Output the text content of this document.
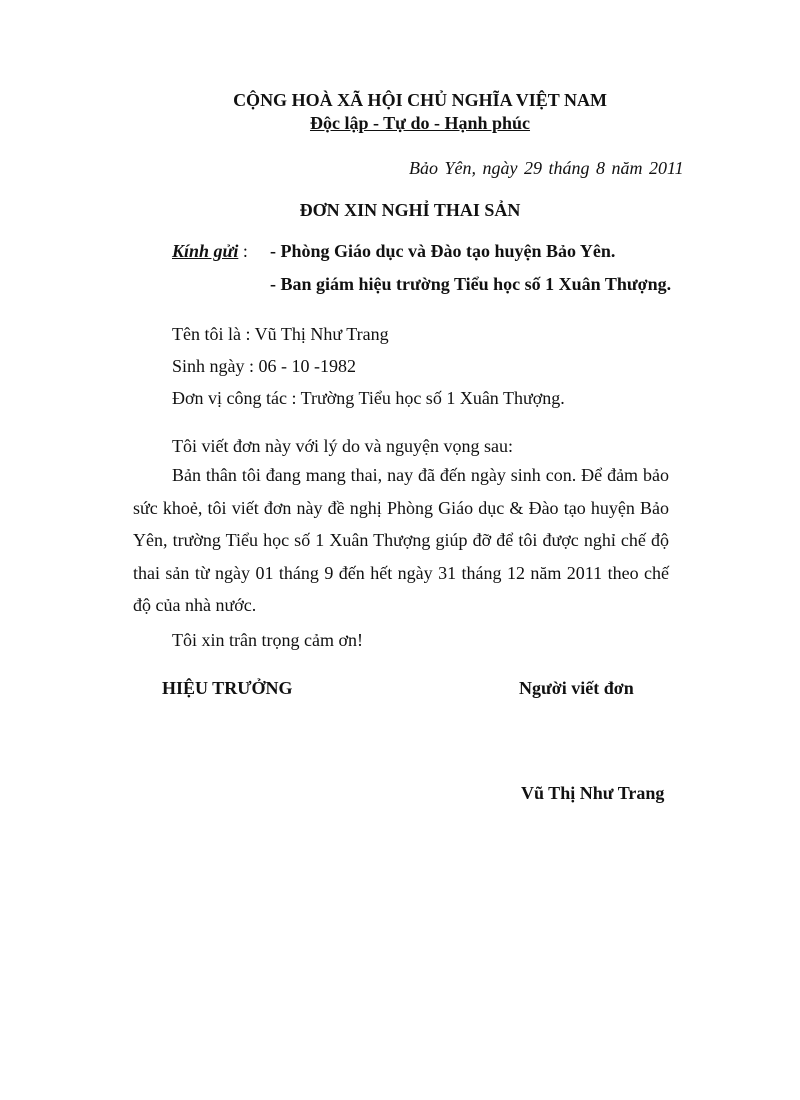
CỘNG HOÀ XÃ HỘI CHỦ NGHĨA VIỆT NAM
Độc lập - Tự do - Hạnh phúc
Bảo Yên, ngày 29 tháng 8 năm 2011
ĐƠN XIN NGHỈ THAI SẢN
Kính gửi : - Phòng Giáo dục và Đào tạo huyện Bảo Yên.
- Ban giám hiệu trường Tiểu học số 1 Xuân Thượng.
Tên tôi là : Vũ Thị Như Trang
Sinh ngày : 06 - 10 -1982
Đơn vị công tác : Trường Tiểu học số 1 Xuân Thượng.
Tôi viết đơn này với lý do và nguyện vọng sau:
Bản thân tôi đang mang thai, nay đã đến ngày sinh con. Để đảm bảo sức khoẻ, tôi viết đơn này đề nghị Phòng Giáo dục & Đào tạo huyện Bảo Yên, trường Tiểu học số 1 Xuân Thượng giúp đỡ để tôi được nghỉ chế độ thai sản từ ngày 01 tháng 9 đến hết ngày 31 tháng 12 năm 2011 theo chế độ của nhà nước.
Tôi xin trân trọng cảm ơn!
HIỆU TRƯỞNG	Người viết đơn
Vũ Thị Như Trang
